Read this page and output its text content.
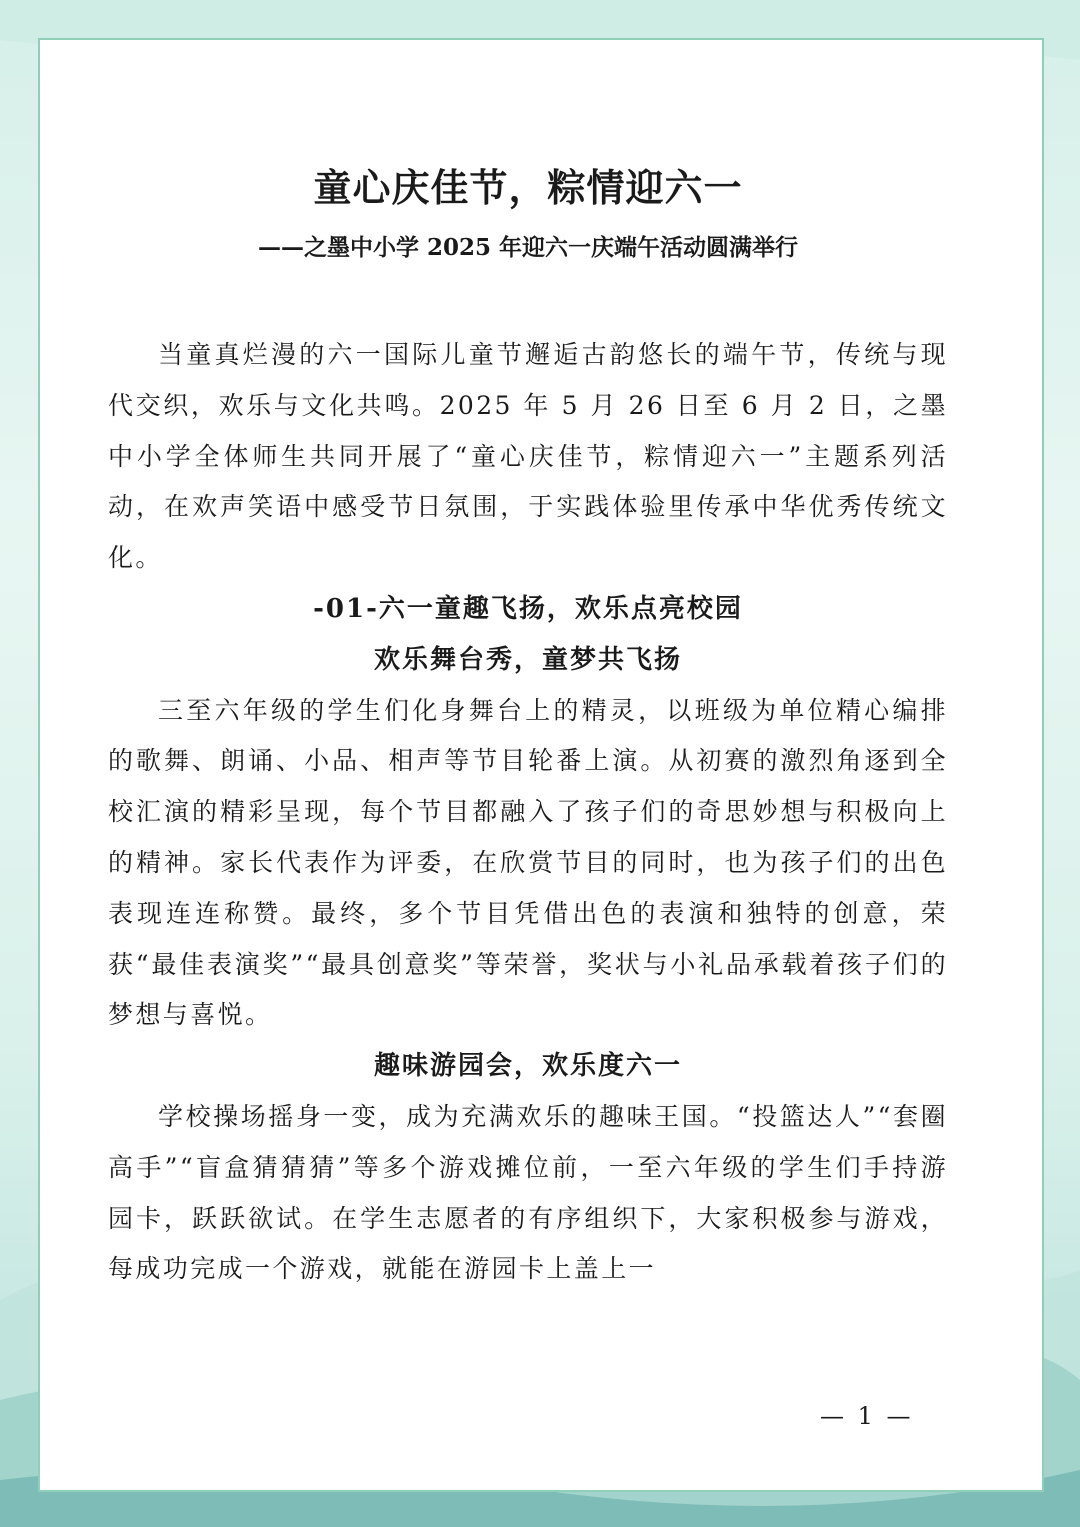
童心庆佳节，粽情迎六一
——之墨中小学 2025 年迎六一庆端午活动圆满举行

当童真烂漫的六一国际儿童节邂逅古韵悠长的端午节，传统与现代交织，欢乐与文化共鸣。2025 年 5 月 26 日至 6 月 2 日，之墨中小学全体师生共同开展了“童心庆佳节，粽情迎六一”主题系列活动，在欢声笑语中感受节日氛围，于实践体验里传承中华优秀传统文化。

-01-六一童趣飞扬，欢乐点亮校园
欢乐舞台秀，童梦共飞扬

三至六年级的学生们化身舞台上的精灵，以班级为单位精心编排的歌舞、朗诵、小品、相声等节目轮番上演。从初赛的激烈角逐到全校汇演的精彩呈现，每个节目都融入了孩子们的奇思妙想与积极向上的精神。家长代表作为评委，在欣赏节目的同时，也为孩子们的出色表现连连称赞。最终，多个节目凭借出色的表演和独特的创意，荣获“最佳表演奖”“最具创意奖”等荣誉，奖状与小礼品承载着孩子们的梦想与喜悦。

趣味游园会，欢乐度六一

学校操场摇身一变，成为充满欢乐的趣味王国。“投篮达人”“套圈高手”“盲盒猜猜猜”等多个游戏摊位前，一至六年级的学生们手持游园卡，跃跃欲试。在学生志愿者的有序组织下，大家积极参与游戏，每成功完成一个游戏，就能在游园卡上盖上一

— 1 —
